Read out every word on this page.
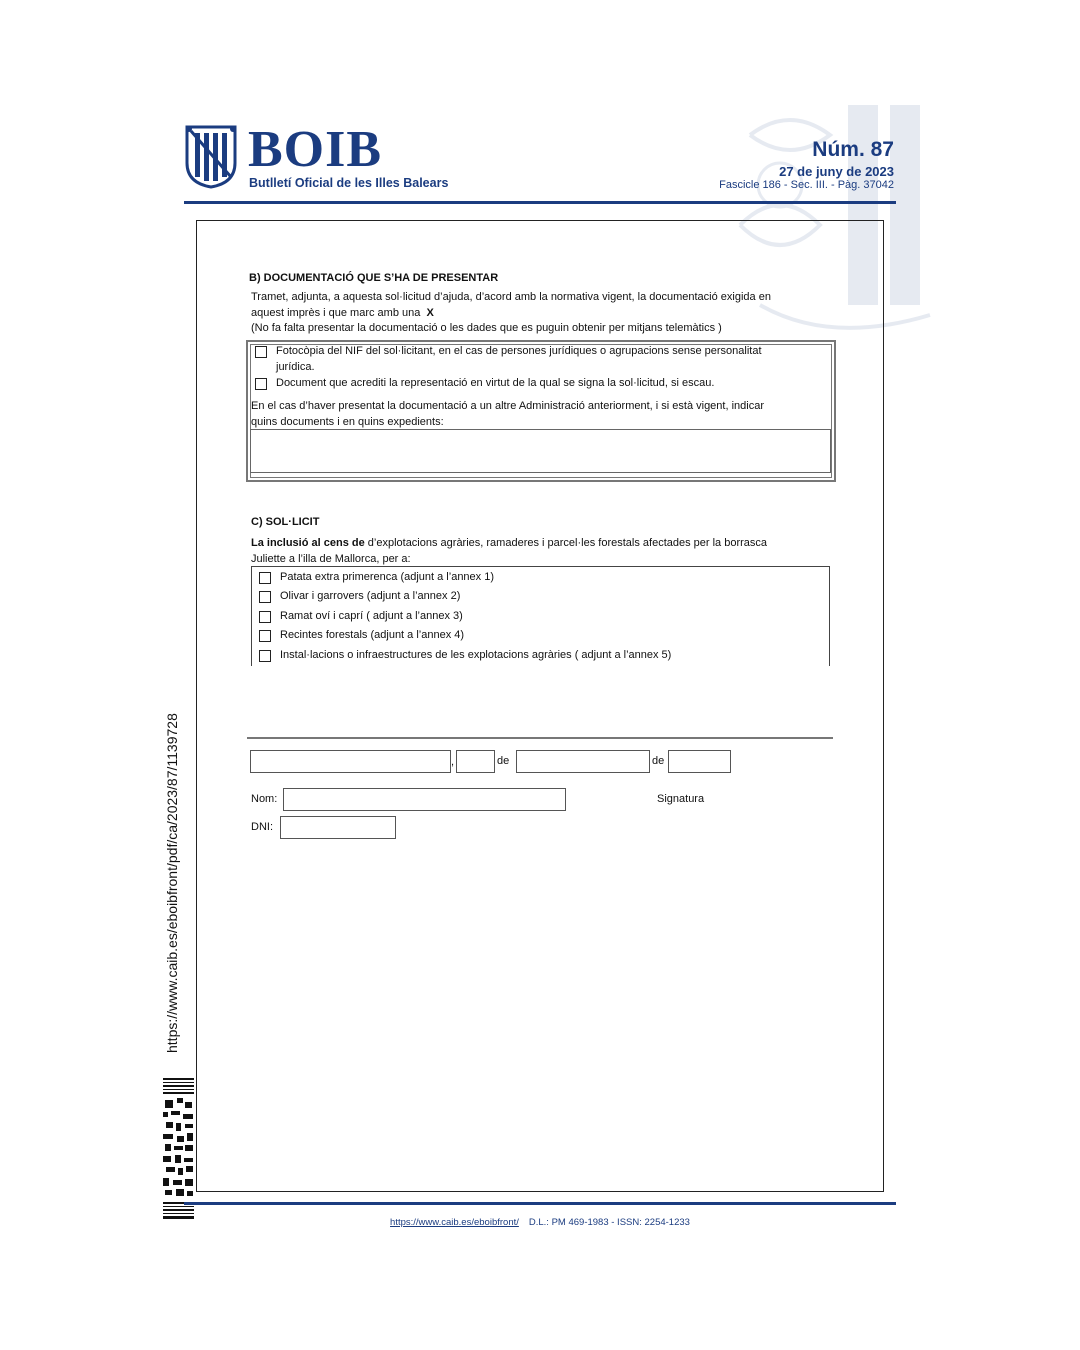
BOIB
Butlletí Oficial de les Illes Balears
Núm. 87
27 de juny de 2023
Fascicle 186 - Sec. III. - Pàg. 37042
https://www.caib.es/eboibfront/pdf/ca/2023/87/1139728
B) DOCUMENTACIÓ QUE S’HA DE PRESENTAR
Tramet, adjunta, a aquesta sol·licitud d’ajuda, d’acord amb la normativa vigent, la documentació exigida en
aquest imprès i que marc amb una X
(No fa falta presentar la documentació o les dades que es puguin obtenir per mitjans telemàtics )
Fotocòpia del NIF del sol·licitant, en el cas de persones jurídiques o agrupacions sense personalitat
jurídica.
Document que acrediti la representació en virtut de la qual se signa la sol·licitud, si escau.
En el cas d’haver presentat la documentació a un altre Administració anteriorment, i si està vigent, indicar
quins documents i en quins expedients:
C) SOL·LICIT
La inclusió al cens de d’explotacions agràries, ramaderes i parcel·les forestals afectades per la borrasca
Juliette a l’illa de Mallorca, per a:
Patata extra primerenca (adjunt a l’annex 1)
Olivar i garrovers (adjunt a l’annex 2)
Ramat oví i caprí ( adjunt a l’annex 3)
Recintes forestals (adjunt a l’annex 4)
Instal·lacions o infraestructures de les explotacions agràries ( adjunt a l’annex 5)
,	de	de
Nom:	Signatura
DNI:
https://www.caib.es/eboibfront/ D.L.: PM 469-1983 - ISSN: 2254-1233
